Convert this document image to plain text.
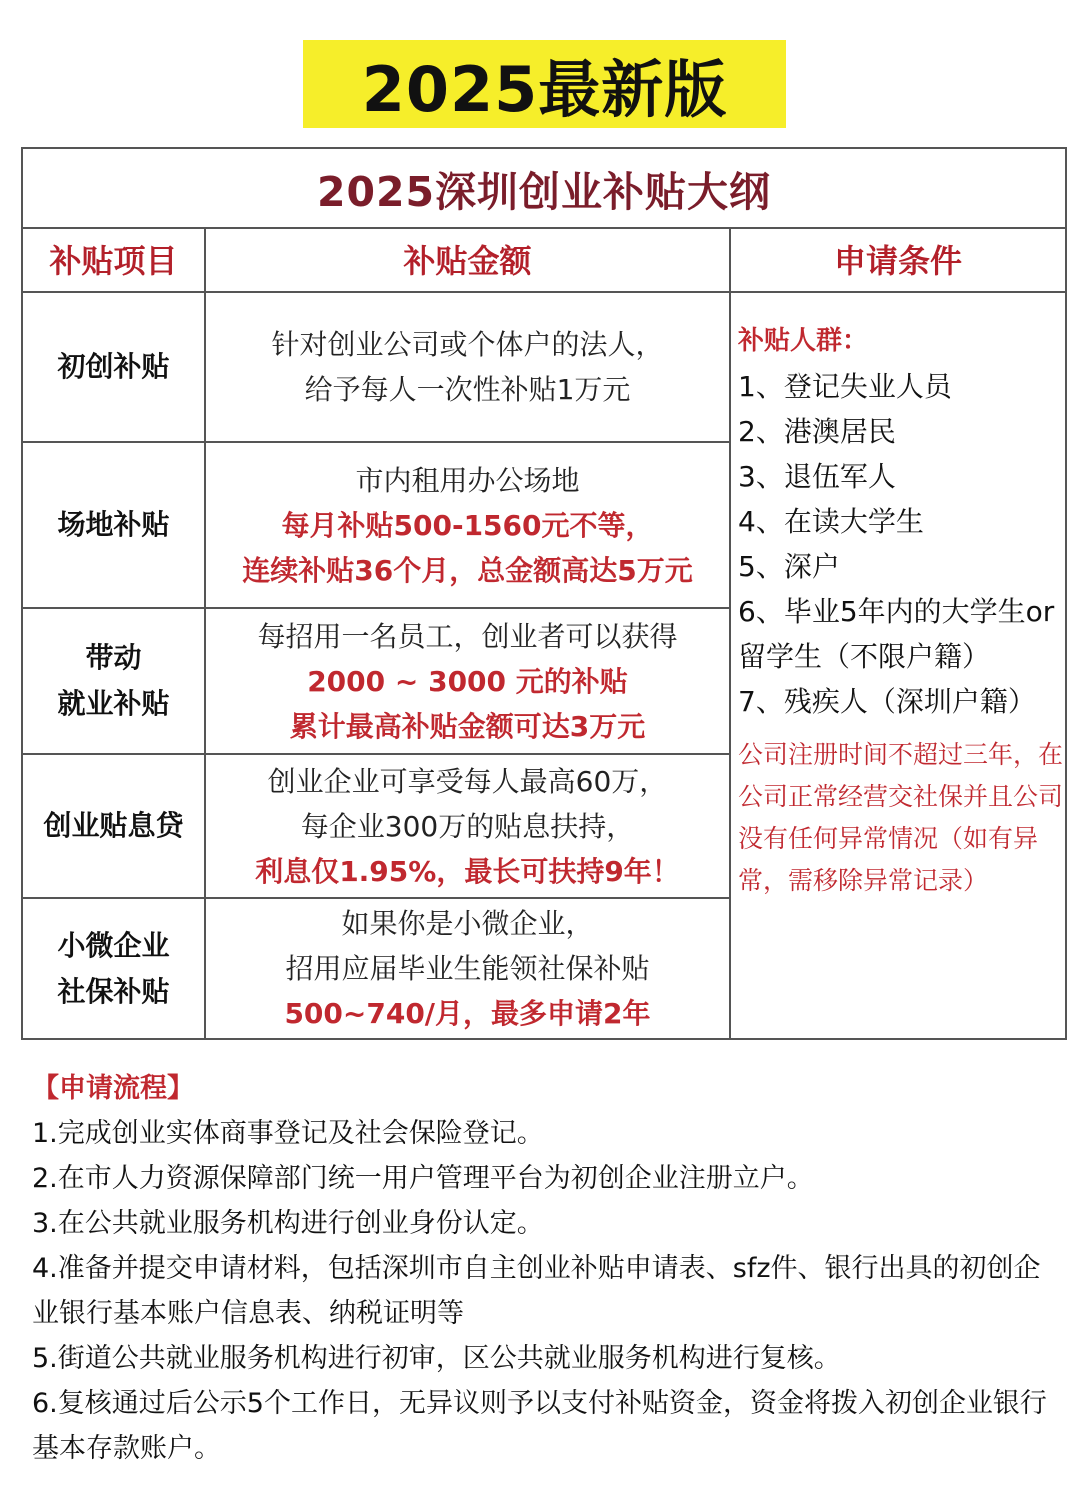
2025最新版
2025深圳创业补贴大纲
补贴项目	补贴金额	申请条件
初创补贴
针对创业公司或个体户的法人，
给予每人一次性补贴1万元
场地补贴
市内租用办公场地
每月补贴500-1560元不等，
连续补贴36个月，总金额高达5万元
带动
就业补贴
每招用一名员工，创业者可以获得
2000 ~ 3000 元的补贴
累计最高补贴金额可达3万元
创业贴息贷
创业企业可享受每人最高60万，
每企业300万的贴息扶持，
利息仅1.95%，最长可扶持9年！
小微企业
社保补贴
如果你是小微企业，
招用应届毕业生能领社保补贴
500~740/月，最多申请2年
补贴人群：
1、登记失业人员
2、港澳居民
3、退伍军人
4、在读大学生
5、深户
6、毕业5年内的大学生or留学生（不限户籍）
7、残疾人（深圳户籍）
公司注册时间不超过三年，在公司正常经营交社保并且公司没有任何异常情况（如有异常，需移除异常记录）
【申请流程】
1.完成创业实体商事登记及社会保险登记。
2.在市人力资源保障部门统一用户管理平台为初创企业注册立户。
3.在公共就业服务机构进行创业身份认定。
4.准备并提交申请材料，包括深圳市自主创业补贴申请表、sfz件、银行出具的初创企业银行基本账户信息表、纳税证明等
5.街道公共就业服务机构进行初审，区公共就业服务机构进行复核。
6.复核通过后公示5个工作日，无异议则予以支付补贴资金，资金将拨入初创企业银行基本存款账户。
